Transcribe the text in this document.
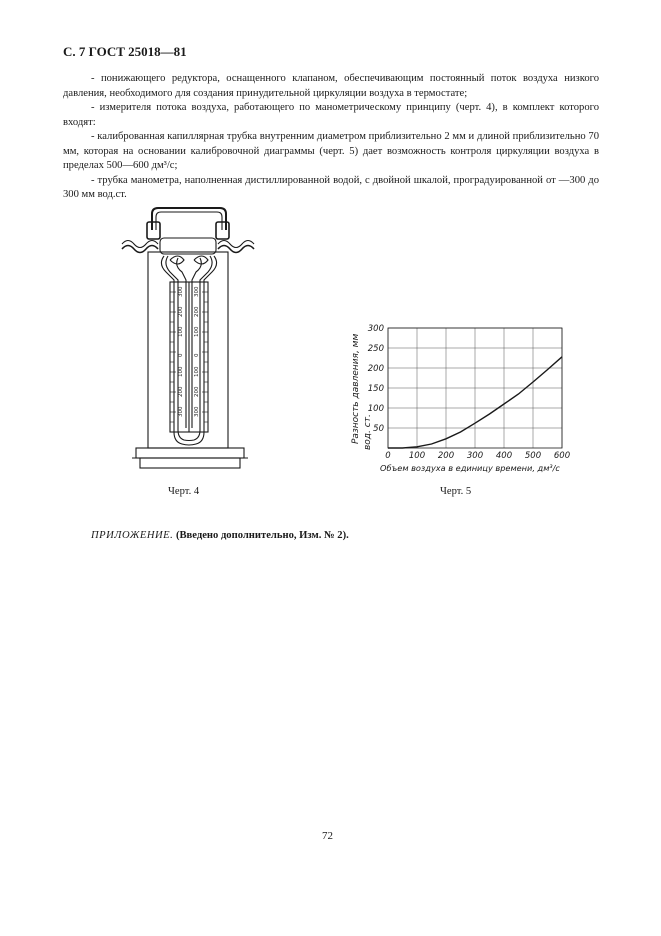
С. 7 ГОСТ 25018—81

- понижающего редуктора, оснащенного клапаном, обеспечивающим постоянный поток воздуха низкого давления, необходимого для создания принудительной циркуляции воздуха в термостате;

- измерителя потока воздуха, работающего по манометрическому принципу (черт. 4), в комплект которого входят:

- калиброванная капиллярная трубка внутренним диаметром приблизительно 2 мм и длиной приблизительно 70 мм, которая на основании калибровочной диаграммы (черт. 5) дает возможность контроля циркуляции воздуха в пределах 500—600 дм³/с;

- трубка манометра, наполненная дистиллированной водой, с двойной шкалой, проградуированной от —300 до 300 мм вод.ст.

300
200
100
0
100
200
300
300
200
100
0
100
200
300
0 100 200 300 400 500 600
50
100
150
200
250
300
Разность давления, мм вод. ст.
Объем воздуха в единицу времени, дм³/с
Черт. 4	Черт. 5
ПРИЛОЖЕНИЕ. (Введено дополнительно, Изм. № 2).
72
